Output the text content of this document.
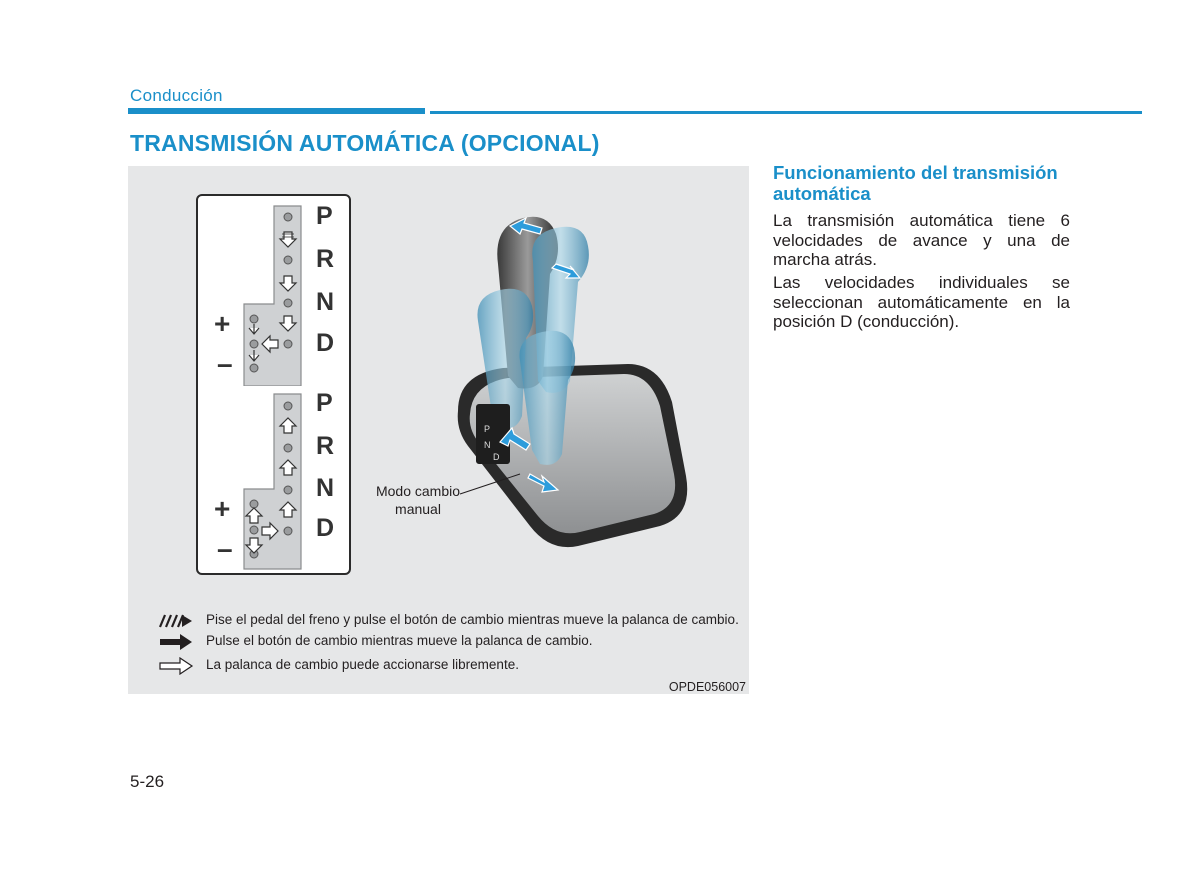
Conducción
TRANSMISIÓN AUTOMÁTICA (OPCIONAL)
P
R
N
D
+
–
P
R
N
D
+
–
P
N
D
Modo cambio manual
Pise el pedal del freno y pulse el botón de cambio mientras mueve la palanca de cambio.
Pulse el botón de cambio mientras mueve la palanca de cambio.
La palanca de cambio puede accionarse libremente.
OPDE056007
Funcionamiento del transmisión automática
La transmisión automática tiene 6 velocidades de avance y una de marcha atrás.
Las velocidades individuales se seleccionan automáticamente en la posición D (conducción).
5-26
